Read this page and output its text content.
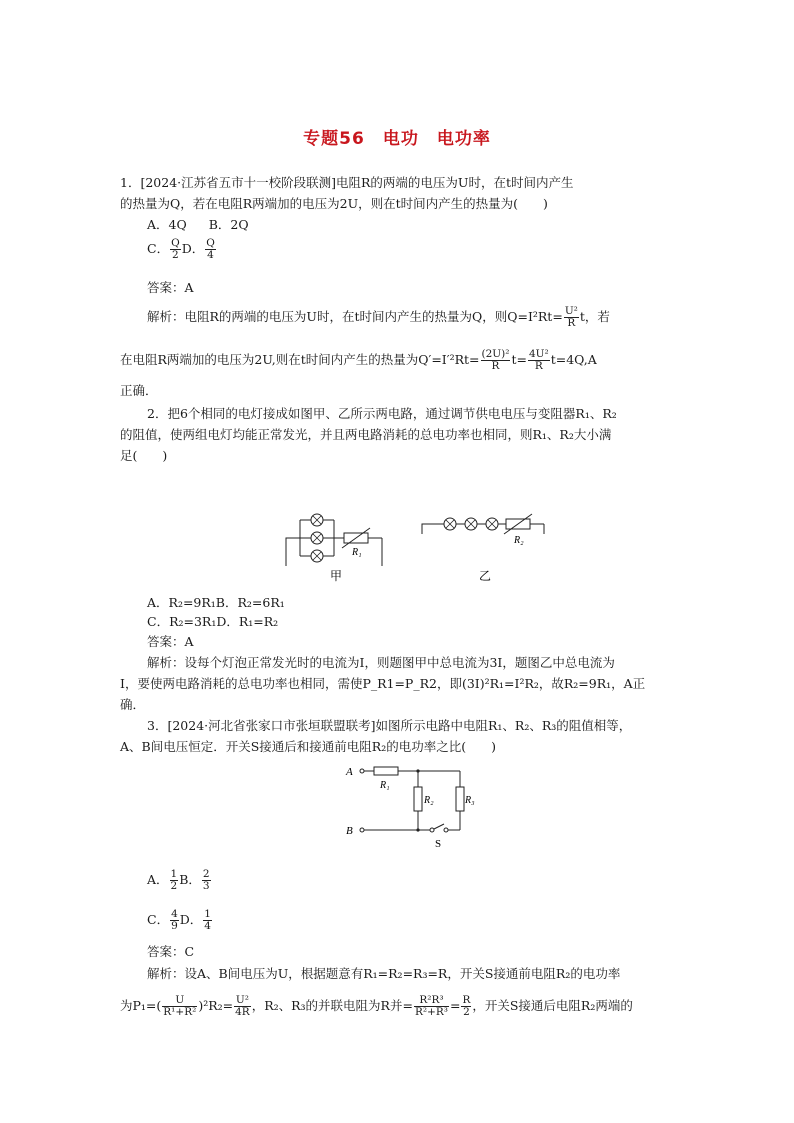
专题56　电功　电功率
1．[2024·江苏省五市十一校阶段联测]电阻R的两端的电压为U时，在t时间内产生
的热量为Q，若在电阻R两端加的电压为2U，则在t时间内产生的热量为(　　)
A．4Q B．2Q
C． $\frac{Q}{2}$ D． $\frac{Q}{4}$
答案：A
解析：电阻R的两端的电压为U时，在t时间内产生的热量为Q，则$Q=I^2Rt= \frac{\text{U²}}{R}$ t，若
在电阻R两端加的电压为2U,则在t时间内产生的热量为$Q'=I'^2Rt= \frac{\text{(2U)²}}{R} t= \frac{\text{4U²}}{R} t=4Q,A$
正确．
2．把6个相同的电灯接成如图甲、乙所示两电路，通过调节供电电压与变阻器R₁、R₂
的阻值，使两组电灯均能正常发光，并且两电路消耗的总电功率也相同，则R₁、R₂大小满
足(　　)
R₁
R₂
甲	乙
A．R₂=9R₁B．R₂=6R₁
C．R₂=3R₁D．R₁=R₂
答案：A
解析：设每个灯泡正常发光时的电流为I，则题图甲中总电流为3I，题图乙中总电流为
I，要使两电路消耗的总电功率也相同，需使P_R1=P_R2，即(3I)²R₁=I²R₂，故R₂=9R₁，A正
确．
3．[2024·河北省张家口市张垣联盟联考]如图所示电路中电阻R₁、R₂、R₃的阻值相等，
A、B间电压恒定．开关S接通后和接通前电阻R₂的电功率之比(　　)
A
B
R₁
R₂	R₃
S
A． $\frac{1}{2}$ B． $\frac{2}{3}$
C． $\frac{4}{9}$ D． $\frac{1}{4}$
答案：C
解析：设A、B间电压为U，根据题意有R₁=R₂=R₃=R，开关S接通前电阻R₂的电功率
为$P_1=( \frac{U}{\text{R¹+R²}} )^2R_2= \frac{\text{U²}}{4R}$ ，R₂、R₃的并联电阻为R并= $\frac{\text{R²R³}}{\text{R²+R³}} = \frac{R}{2}$ ，开关S接通后电阻R₂两端的
